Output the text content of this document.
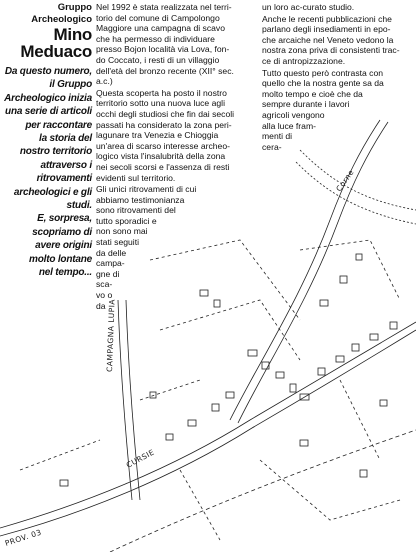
CAMPAGNA LUPIA
CURSIE
PROV. 03
Corne
Gruppo
Archeologico
Mino
Meduaco
Da questo numero,
il Gruppo
Archeologico inizia
una serie di articoli
per raccontare
la storia del
nostro territorio
attraverso i
ritrovamenti
archeologici e gli
studi.
E, sorpresa,
scopriamo di
avere origini
molto lontane
nel tempo...

Nel 1992 è stata realizzata nel terri-
torio del comune di Campolongo
Maggiore una campagna di scavo
che ha permesso di individuare
presso Bojon località via Lova, fon-
do Coccato, i resti di un villaggio
dell'età del bronzo recente (XII° sec.
a.c.)

Questa scoperta ha posto il nostro
territorio sotto una nuova luce agli
occhi degli studiosi che fin dai secoli
passati ha considerato la zona peri-
lagunare tra Venezia e Chioggia
un'area di scarso interesse archeo-
logico vista l'insalubrità della zona
nei secoli scorsi e l'assenza di resti
evidenti sul territorio.

Gli unici ritrovamenti di cui
abbiamo testimonianza
sono ritrovamenti del
tutto sporadici e
non sono mai
stati seguiti
da delle
campa-
gne di
sca-
vo o
da

un loro ac-curato studio.

Anche le recenti pubblicazioni che
parlano degli insediamenti in epo-
che arcaiche nel Veneto vedono la
nostra zona priva di consistenti trac-
ce di antropizzazione.

Tutto questo però contrasta con
quello che la nostra gente sa da
molto tempo e cioè che da
sempre durante i lavori
agricoli vengono
alla luce fram-
menti di
cera-
